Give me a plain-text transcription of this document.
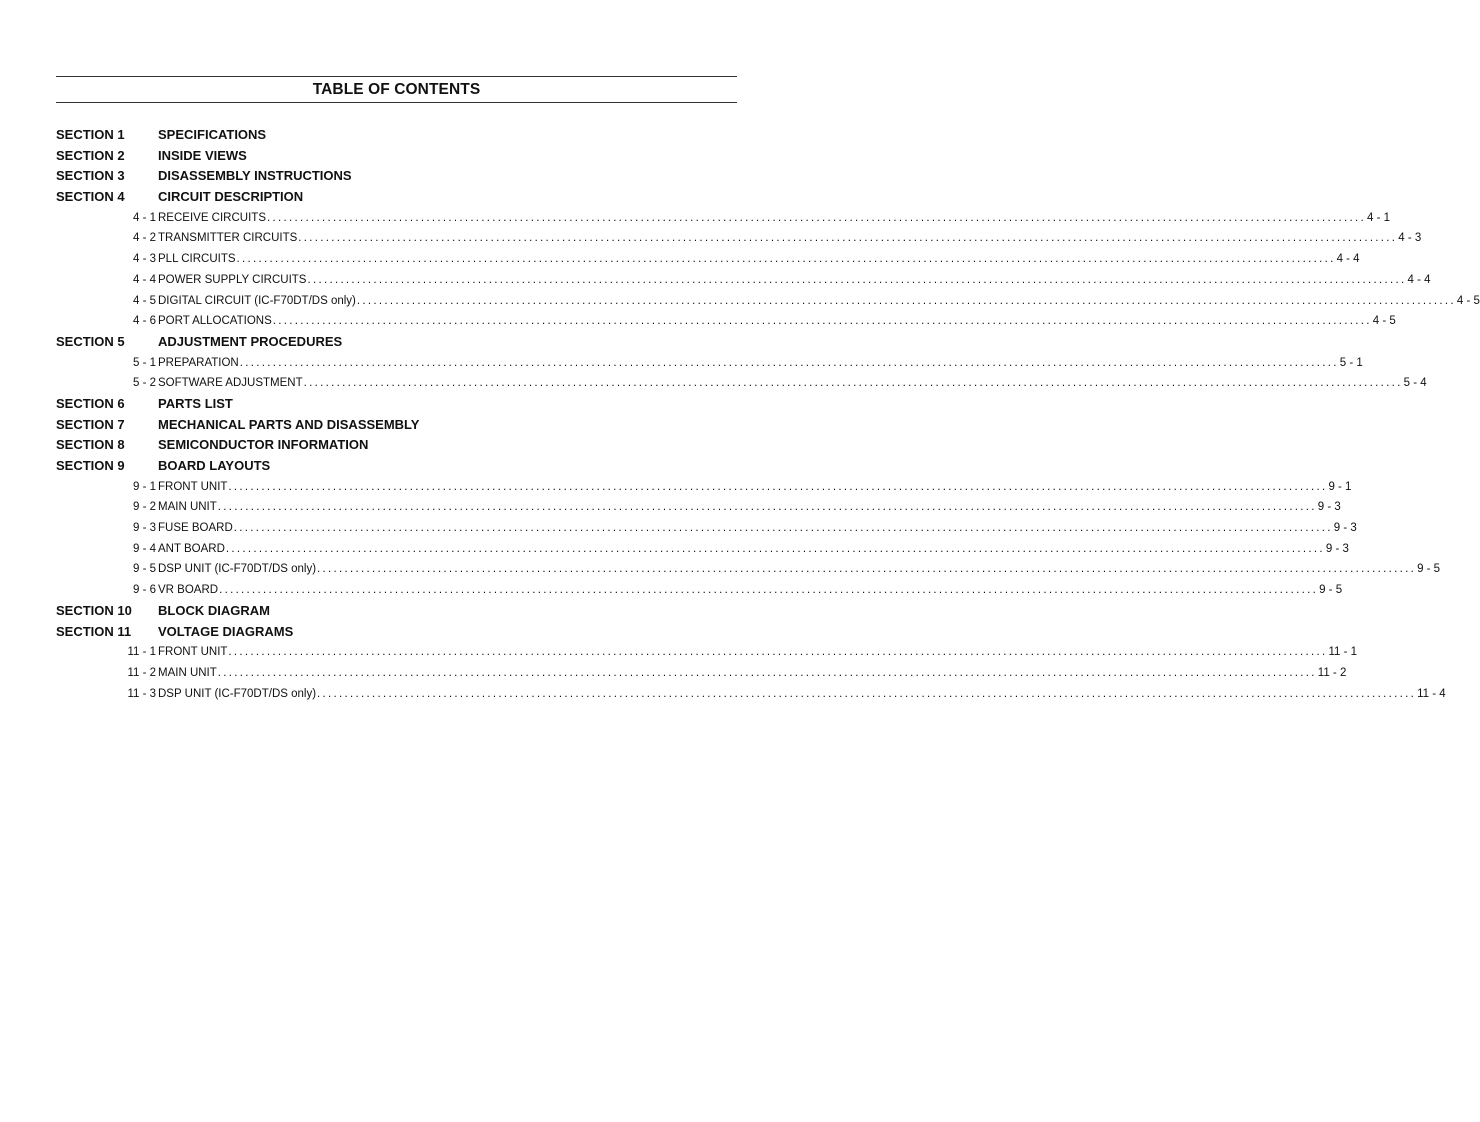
TABLE OF CONTENTS
SECTION 1	SPECIFICATIONS
SECTION 2	INSIDE VIEWS
SECTION 3	DISASSEMBLY INSTRUCTIONS
SECTION 4	CIRCUIT DESCRIPTION
4 - 1 RECEIVE CIRCUITS ........................................................................................................................................................................................................ 4 - 1
4 - 2 TRANSMITTER CIRCUITS ........................................................................................................................................................................................................ 4 - 3
4 - 3 PLL CIRCUITS ........................................................................................................................................................................................................ 4 - 4
4 - 4 POWER SUPPLY CIRCUITS ........................................................................................................................................................................................................ 4 - 4
4 - 5 DIGITAL CIRCUIT (IC-F70DT/DS only) ........................................................................................................................................................................................................ 4 - 5
4 - 6 PORT ALLOCATIONS ........................................................................................................................................................................................................ 4 - 5
SECTION 5	ADJUSTMENT PROCEDURES
5 - 1 PREPARATION ........................................................................................................................................................................................................ 5 - 1
5 - 2 SOFTWARE ADJUSTMENT ........................................................................................................................................................................................................ 5 - 4
SECTION 6	PARTS LIST
SECTION 7	MECHANICAL PARTS AND DISASSEMBLY
SECTION 8	SEMICONDUCTOR INFORMATION
SECTION 9	BOARD LAYOUTS
9 - 1 FRONT UNIT ........................................................................................................................................................................................................ 9 - 1
9 - 2 MAIN UNIT ........................................................................................................................................................................................................ 9 - 3
9 - 3 FUSE BOARD ........................................................................................................................................................................................................ 9 - 3
9 - 4 ANT BOARD ........................................................................................................................................................................................................ 9 - 3
9 - 5 DSP UNIT (IC-F70DT/DS only) ........................................................................................................................................................................................................ 9 - 5
9 - 6 VR BOARD ........................................................................................................................................................................................................ 9 - 5
SECTION 10 BLOCK DIAGRAM
SECTION 11 VOLTAGE DIAGRAMS
11 - 1 FRONT UNIT ........................................................................................................................................................................................................ 11 - 1
11 - 2 MAIN UNIT ........................................................................................................................................................................................................ 11 - 2
11 - 3 DSP UNIT (IC-F70DT/DS only) ........................................................................................................................................................................................................ 11 - 4
